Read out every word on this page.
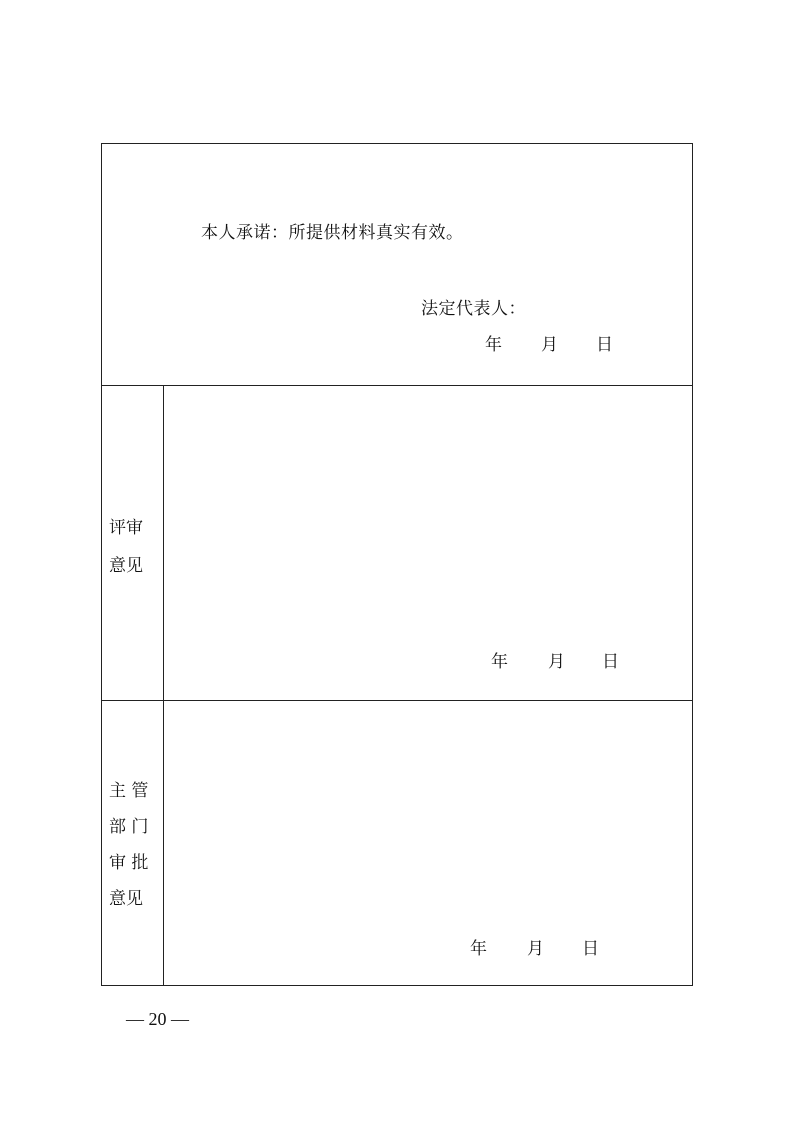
本人承诺：所提供材料真实有效。
法定代表人：
年 月 日
评审
意见
年 月 日
主 管
部 门
审 批
意见
年 月 日
— 20 —
